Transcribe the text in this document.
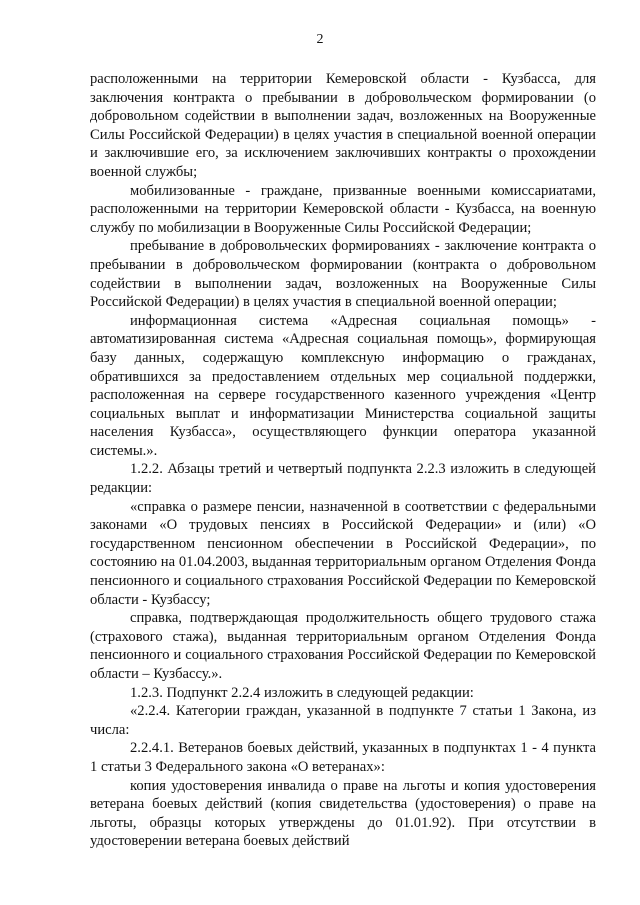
2

расположенными на территории Кемеровской области - Кузбасса, для заключения контракта о пребывании в добровольческом формировании (о добровольном содействии в выполнении задач, возложенных на Вооруженные Силы Российской Федерации) в целях участия в специальной военной операции и заключившие его, за исключением заключивших контракты о прохождении военной службы;

мобилизованные - граждане, призванные военными комиссариатами, расположенными на территории Кемеровской области - Кузбасса, на военную службу по мобилизации в Вооруженные Силы Российской Федерации;

пребывание в добровольческих формированиях - заключение контракта о пребывании в добровольческом формировании (контракта о добровольном содействии в выполнении задач, возложенных на Вооруженные Силы Российской Федерации) в целях участия в специальной военной операции;

информационная система «Адресная социальная помощь» - автоматизированная система «Адресная социальная помощь», формирующая базу данных, содержащую комплексную информацию о гражданах, обратившихся за предоставлением отдельных мер социальной поддержки, расположенная на сервере государственного казенного учреждения «Центр социальных выплат и информатизации Министерства социальной защиты населения Кузбасса», осуществляющего функции оператора указанной системы.».

1.2.2. Абзацы третий и четвертый подпункта 2.2.3 изложить в следующей редакции:

«справка о размере пенсии, назначенной в соответствии с федеральными законами «О трудовых пенсиях в Российской Федерации» и (или) «О государственном пенсионном обеспечении в Российской Федерации», по состоянию на 01.04.2003, выданная территориальным органом Отделения Фонда пенсионного и социального страхования Российской Федерации по Кемеровской области - Кузбассу;

справка, подтверждающая продолжительность общего трудового стажа (страхового стажа), выданная территориальным органом Отделения Фонда пенсионного и социального страхования Российской Федерации по Кемеровской области – Кузбассу.».

1.2.3. Подпункт 2.2.4 изложить в следующей редакции:

«2.2.4. Категории граждан, указанной в подпункте 7 статьи 1 Закона, из числа:

2.2.4.1. Ветеранов боевых действий, указанных в подпунктах 1 - 4 пункта 1 статьи 3 Федерального закона «О ветеранах»:

копия удостоверения инвалида о праве на льготы и копия удостоверения ветерана боевых действий (копия свидетельства (удостоверения) о праве на льготы, образцы которых утверждены до 01.01.92). При отсутствии в удостоверении ветерана боевых действий
